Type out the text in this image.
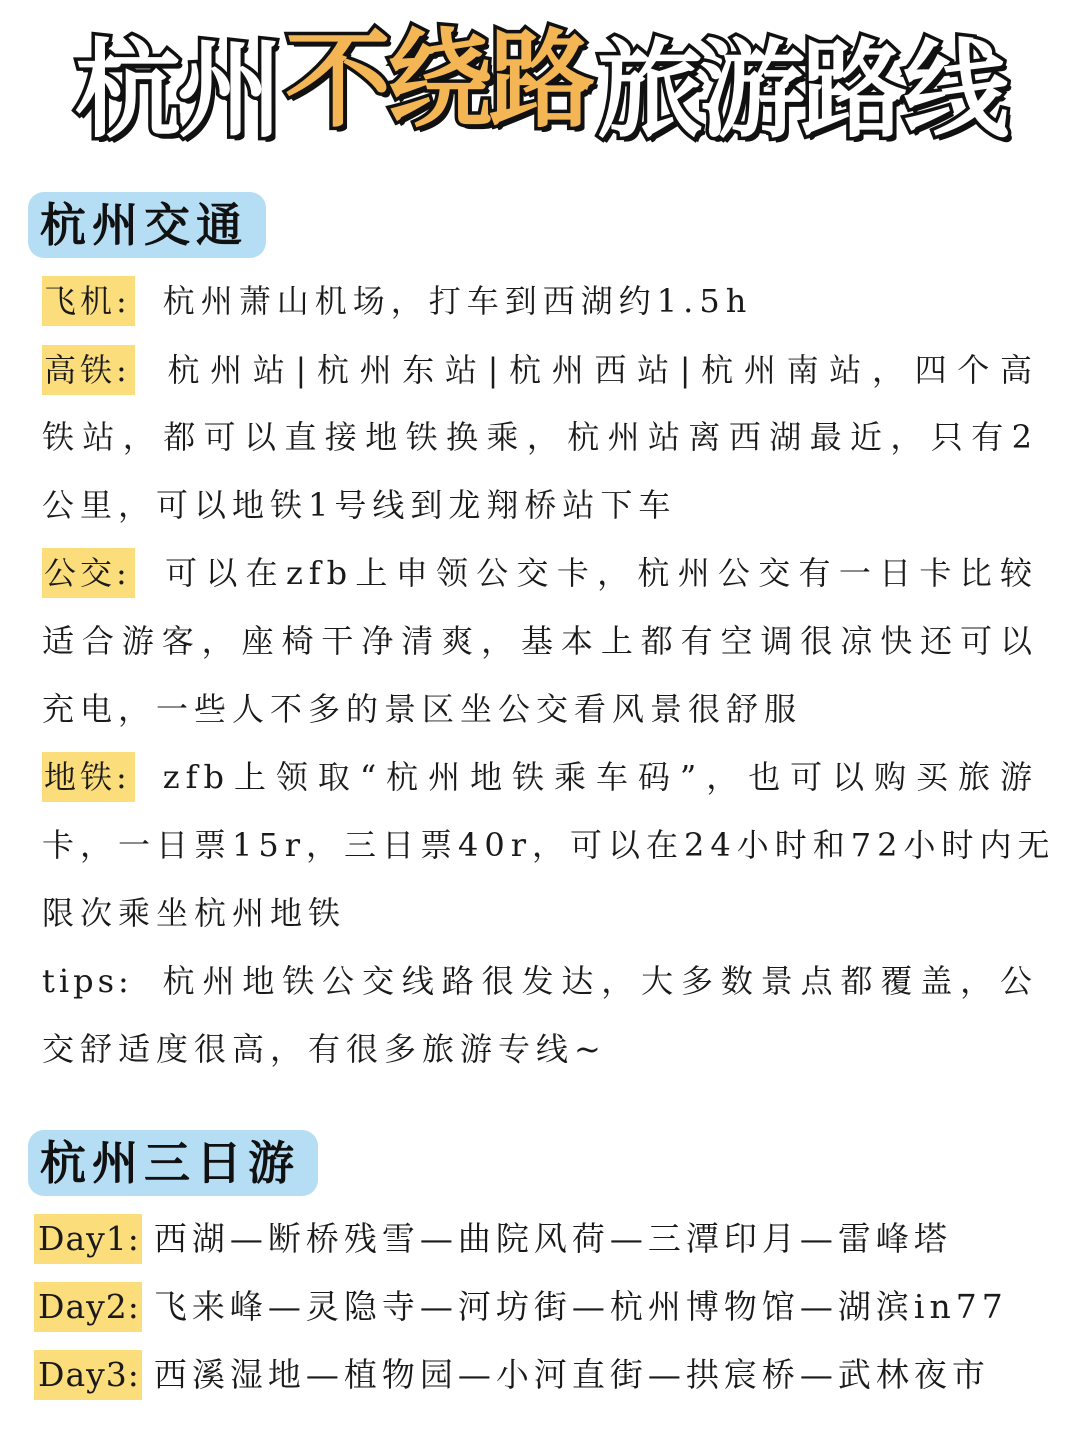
杭州 不绕路 旅游路线
杭州交通
飞机: 杭州萧山机场，打车到西湖约1.5h
高铁: 杭州站|杭州东站|杭州西站|杭州南站，四个高
铁站，都可以直接地铁换乘，杭州站离西湖最近，只有2
公里，可以地铁1号线到龙翔桥站下车
公交: 可以在zfb上申领公交卡，杭州公交有一日卡比较
适合游客，座椅干净清爽，基本上都有空调很凉快还可以
充电，一些人不多的景区坐公交看风景很舒服
地铁: zfb上领取“杭州地铁乘车码”，也可以购买旅游
卡，一日票15r，三日票40r，可以在24小时和72小时内无
限次乘坐杭州地铁
tips: 杭州地铁公交线路很发达，大多数景点都覆盖，公
交舒适度很高，有很多旅游专线~
杭州三日游
Day1: 西湖—断桥残雪—曲院风荷—三潭印月—雷峰塔
Day2: 飞来峰—灵隐寺—河坊街—杭州博物馆—湖滨in77
Day3: 西溪湿地—植物园—小河直街—拱宸桥—武林夜市
